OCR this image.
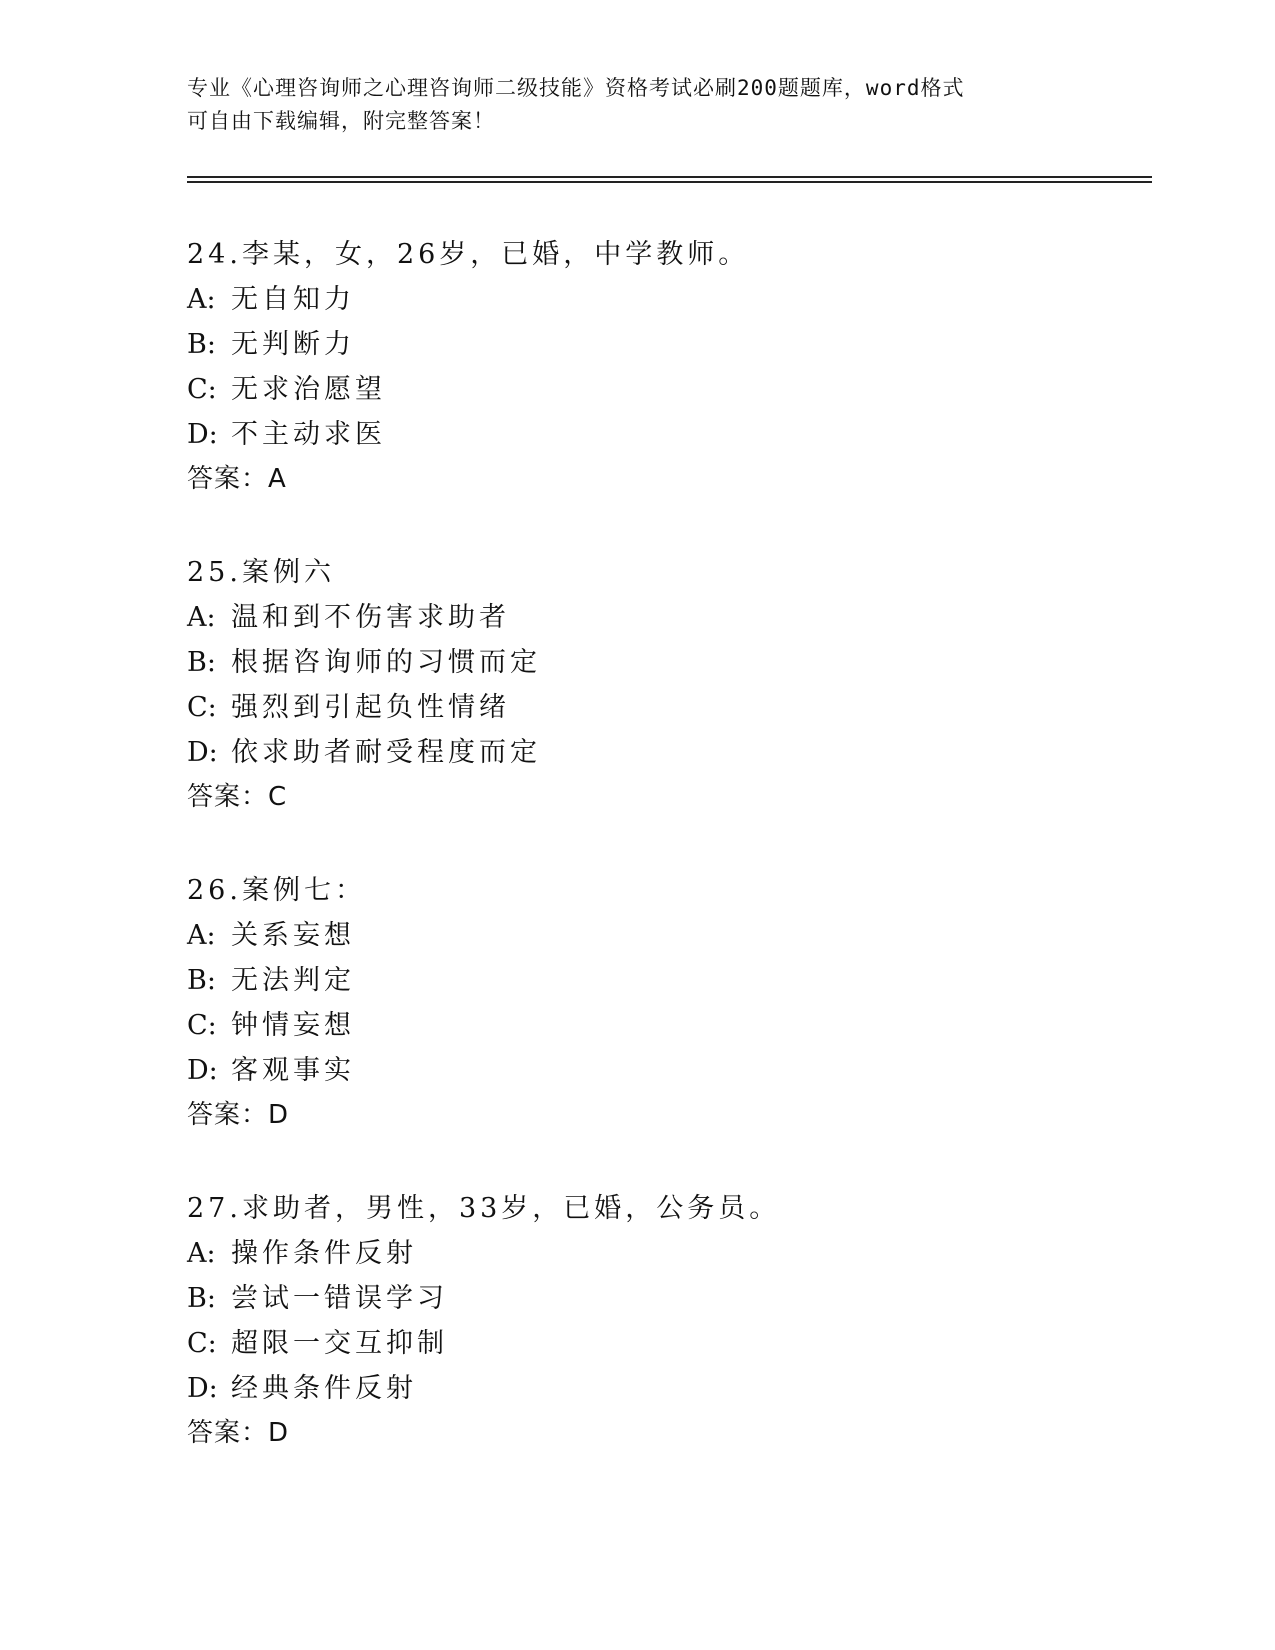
专业《心理咨询师之心理咨询师二级技能》资格考试必刷200题题库，word格式
可自由下载编辑，附完整答案！
24.李某，女，26岁，已婚，中学教师。
A: 无自知力
B: 无判断力
C: 无求治愿望
D: 不主动求医
答案：A
25.案例六
A: 温和到不伤害求助者
B: 根据咨询师的习惯而定
C: 强烈到引起负性情绪
D: 依求助者耐受程度而定
答案：C
26.案例七：
A: 关系妄想
B: 无法判定
C: 钟情妄想
D: 客观事实
答案：D
27.求助者，男性，33岁，已婚，公务员。
A: 操作条件反射
B: 尝试一错误学习
C: 超限一交互抑制
D: 经典条件反射
答案：D
